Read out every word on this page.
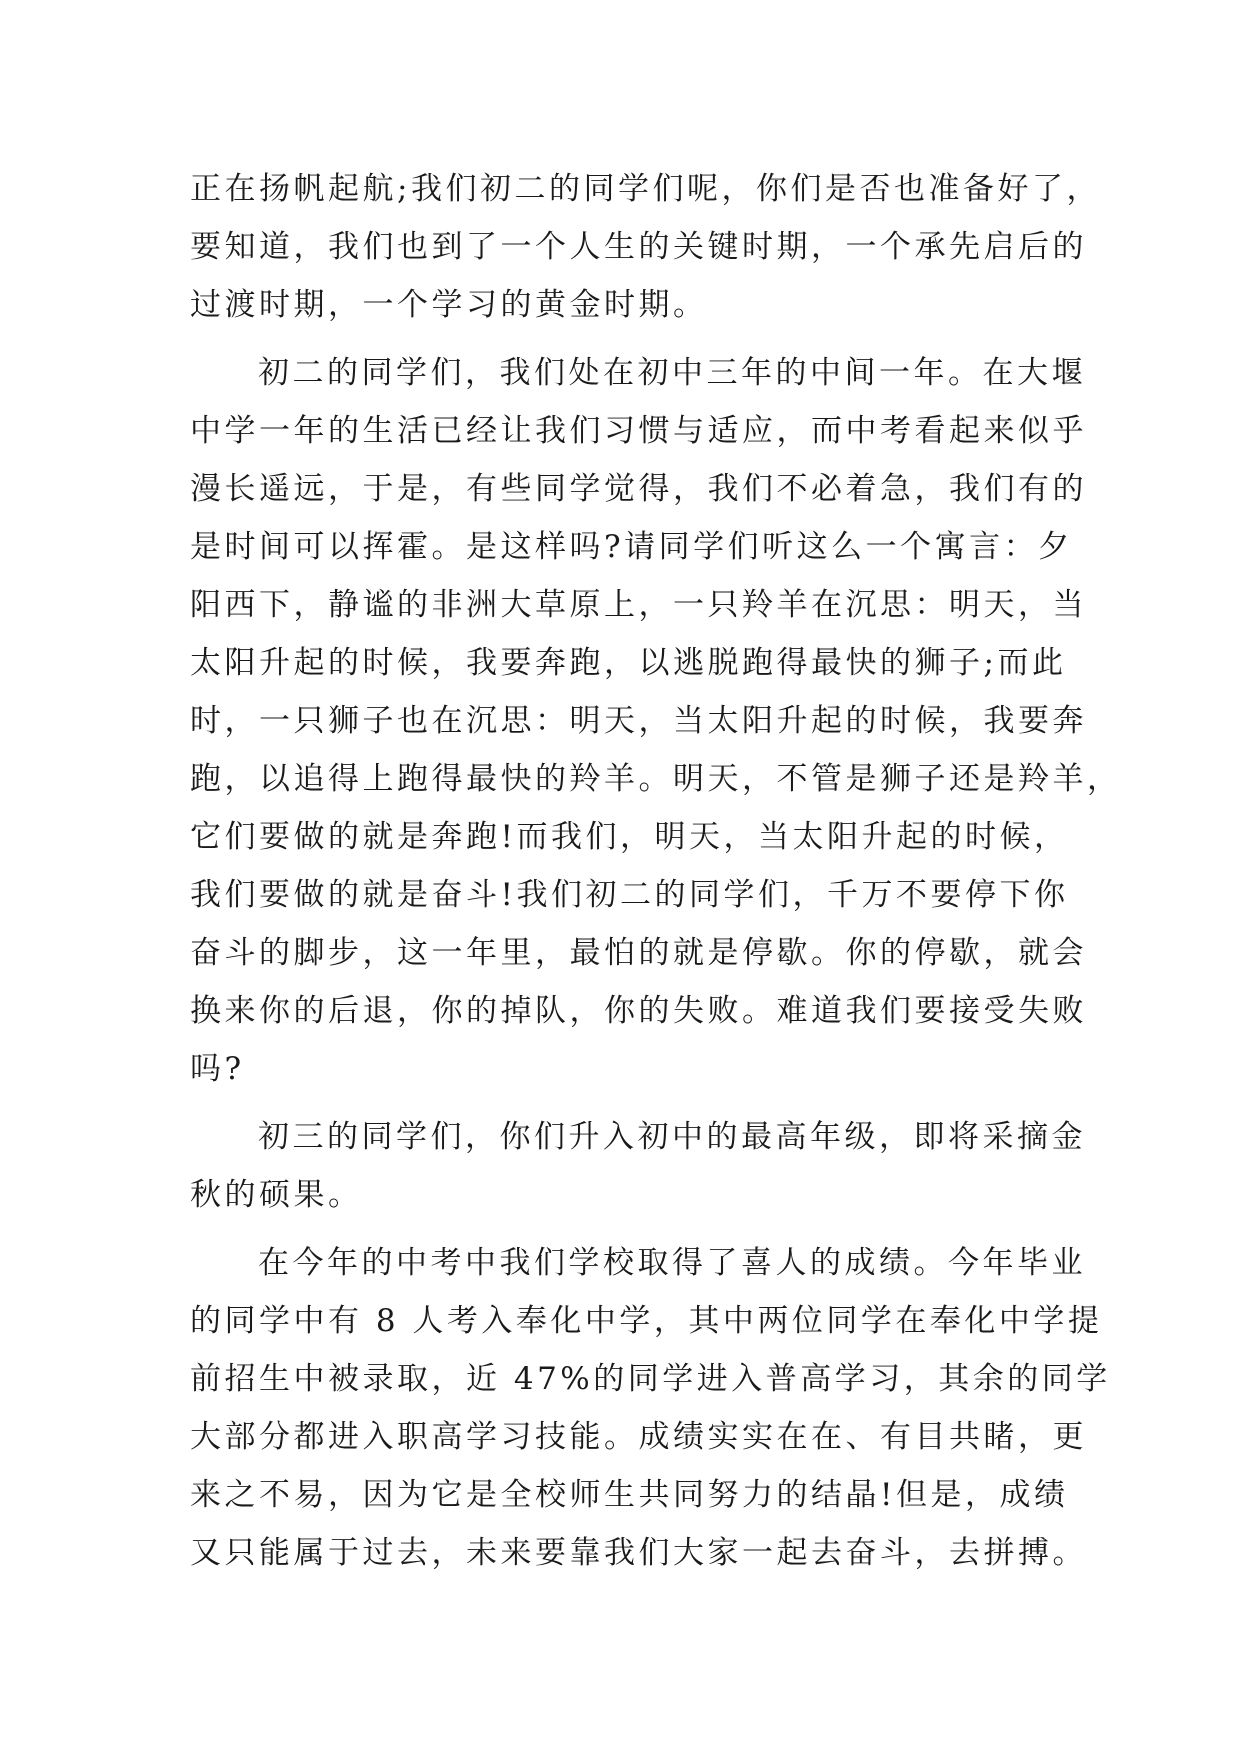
正在扬帆起航;我们初二的同学们呢，你们是否也准备好了，
要知道，我们也到了一个人生的关键时期，一个承先启后的
过渡时期，一个学习的黄金时期。
初二的同学们，我们处在初中三年的中间一年。在大堰
中学一年的生活已经让我们习惯与适应，而中考看起来似乎
漫长遥远，于是，有些同学觉得，我们不必着急，我们有的
是时间可以挥霍。是这样吗?请同学们听这么一个寓言：夕
阳西下，静谧的非洲大草原上，一只羚羊在沉思：明天，当
太阳升起的时候，我要奔跑，以逃脱跑得最快的狮子;而此
时，一只狮子也在沉思：明天，当太阳升起的时候，我要奔
跑，以追得上跑得最快的羚羊。明天，不管是狮子还是羚羊，
它们要做的就是奔跑!而我们，明天，当太阳升起的时候，
我们要做的就是奋斗!我们初二的同学们，千万不要停下你
奋斗的脚步，这一年里，最怕的就是停歇。你的停歇，就会
换来你的后退，你的掉队，你的失败。难道我们要接受失败
吗?
初三的同学们，你们升入初中的最高年级，即将采摘金
秋的硕果。
在今年的中考中我们学校取得了喜人的成绩。今年毕业
的同学中有 8 人考入奉化中学，其中两位同学在奉化中学提
前招生中被录取，近 47%的同学进入普高学习，其余的同学
大部分都进入职高学习技能。成绩实实在在、有目共睹，更
来之不易，因为它是全校师生共同努力的结晶!但是，成绩
又只能属于过去，未来要靠我们大家一起去奋斗，去拼搏。
